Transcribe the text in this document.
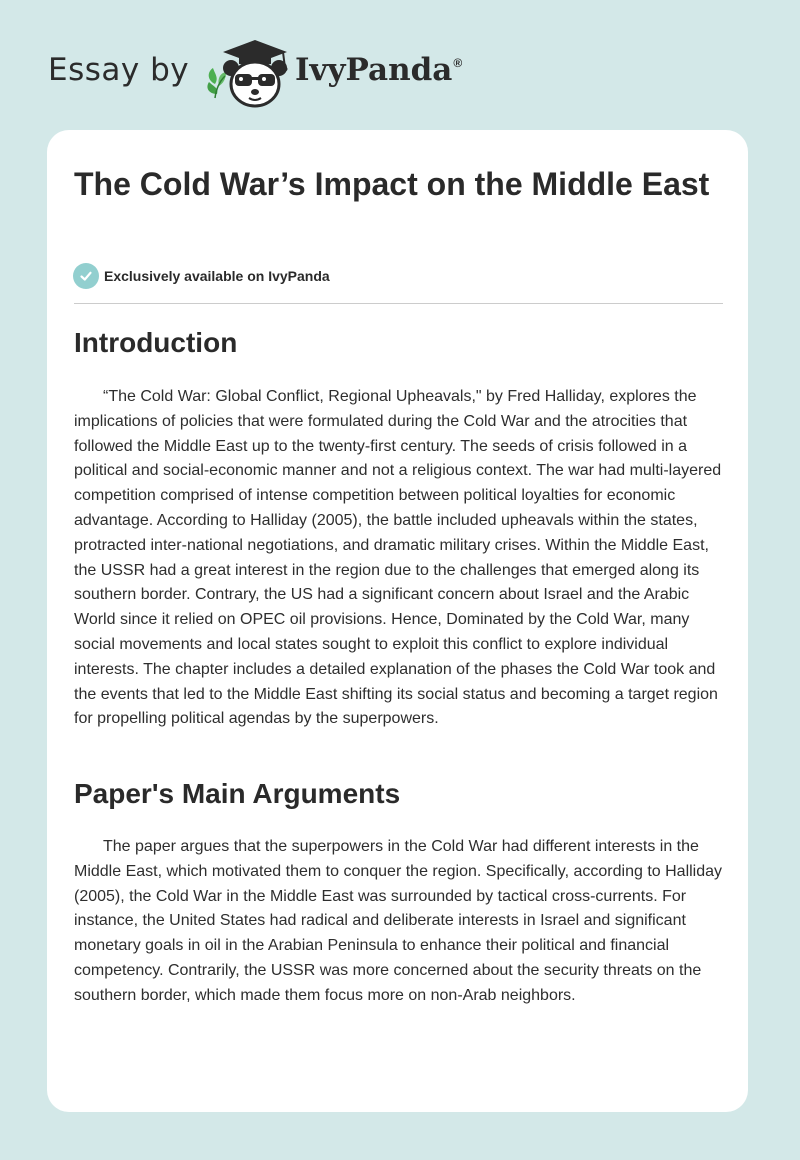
Essay by	IvyPanda®
The Cold War’s Impact on the Middle East
Exclusively available on IvyPanda
Introduction

“The Cold War: Global Conflict, Regional Upheavals," by Fred Halliday, explores the implications of policies that were formulated during the Cold War and the atrocities that followed the Middle East up to the twenty-first century. The seeds of crisis followed in a political and social-economic manner and not a religious context. The war had multi-layered competition comprised of intense competition between political loyalties for economic advantage. According to Halliday (2005), the battle included upheavals within the states, protracted inter-national negotiations, and dramatic military crises. Within the Middle East, the USSR had a great interest in the region due to the challenges that emerged along its southern border. Contrary, the US had a significant concern about Israel and the Arabic World since it relied on OPEC oil provisions. Hence, Dominated by the Cold War, many social movements and local states sought to exploit this conflict to explore individual interests. The chapter includes a detailed explanation of the phases the Cold War took and the events that led to the Middle East shifting its social status and becoming a target region for propelling political agendas by the superpowers.

Paper's Main Arguments

The paper argues that the superpowers in the Cold War had different interests in the Middle East, which motivated them to conquer the region. Specifically, according to Halliday (2005), the Cold War in the Middle East was surrounded by tactical cross-currents. For instance, the United States had radical and deliberate interests in Israel and significant monetary goals in oil in the Arabian Peninsula to enhance their political and financial competency. Contrarily, the USSR was more concerned about the security threats on the southern border, which made them focus more on non-Arab neighbors.
